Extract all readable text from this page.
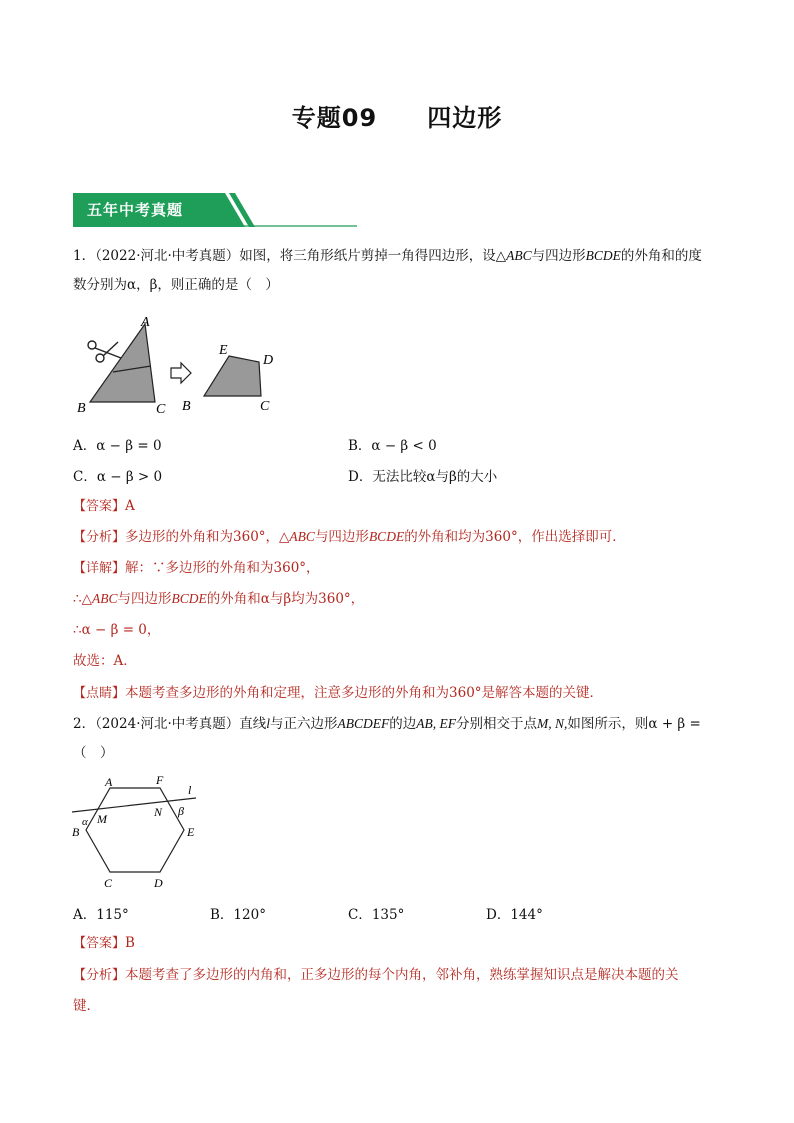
专题09  四边形
五年中考真题
1．（2022·河北·中考真题）如图，将三角形纸片剪掉一角得四边形，设△ABC与四边形BCDE的外角和的度
数分别为α，β，则正确的是（　）
A
B	C
E
D
B	C
A．α − β = 0	B．α − β < 0
C．α − β > 0	D．无法比较α与β的大小
【答案】A
【分析】多边形的外角和为360°，△ABC与四边形BCDE的外角和均为360°，作出选择即可．
【详解】解：∵多边形的外角和为360°，
∴△ABC与四边形BCDE的外角和α与β均为360°，
∴α − β = 0，
故选：A．
【点睛】本题考查多边形的外角和定理，注意多边形的外角和为360°是解答本题的关键．
2．（2024·河北·中考真题）直线l与正六边形ABCDEF的边AB, EF分别相交于点M, N,如图所示，则α + β =
（　）
A	F
l
M	N β
α
B	E
C	D
A．115°	B．120°	C．135°	D．144°
【答案】B
【分析】本题考查了多边形的内角和，正多边形的每个内角，邻补角，熟练掌握知识点是解决本题的关
键．
